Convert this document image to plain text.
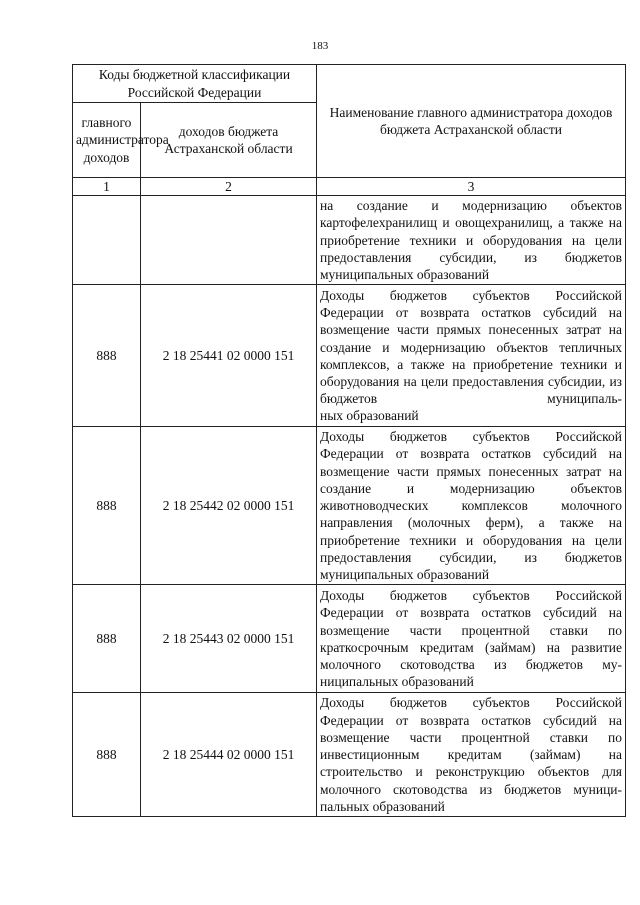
183
Коды бюджетной классификации Российской Федерации		Наименование главного администратора доходов бюджета Астраханской области
главного администратора доходов	доходов бюджета Астраханской области	
1	2	3
		на создание и модернизацию объектов картофелехранилищ и овощехранилищ, а также на приобретение техники и оборудования на цели предоставления субсидии, из бюджетов
муниципальных образований

888	2 18 25441 02 0000 151	Доходы бюджетов субъектов Российской Федерации от возврата остатков субсидий на возмещение части прямых понесенных затрат на создание и модернизацию объектов тепличных комплексов, а также на приобретение техники и оборудования на цели предоставления субсидии, из бюджетов муниципаль-
ных образований

888	2 18 25442 02 0000 151	Доходы бюджетов субъектов Российской Федерации от возврата остатков субсидий на возмещение части прямых понесенных затрат на создание и модернизацию объектов животноводческих комплексов молочного направления (молочных ферм), а также на приобретение техники и оборудования на цели предоставления субсидии, из бюджетов
муниципальных образований

888	2 18 25443 02 0000 151	Доходы бюджетов субъектов Российской Федерации от возврата остатков субсидий на возмещение части процентной ставки по краткосрочным кредитам (займам) на развитие молочного скотоводства из бюджетов му-
ниципальных образований

888	2 18 25444 02 0000 151	Доходы бюджетов субъектов Российской Федерации от возврата остатков субсидий на возмещение части процентной ставки по инвестиционным кредитам (займам) на строительство и реконструкцию объектов для молочного скотоводства из бюджетов муници-
пальных образований
